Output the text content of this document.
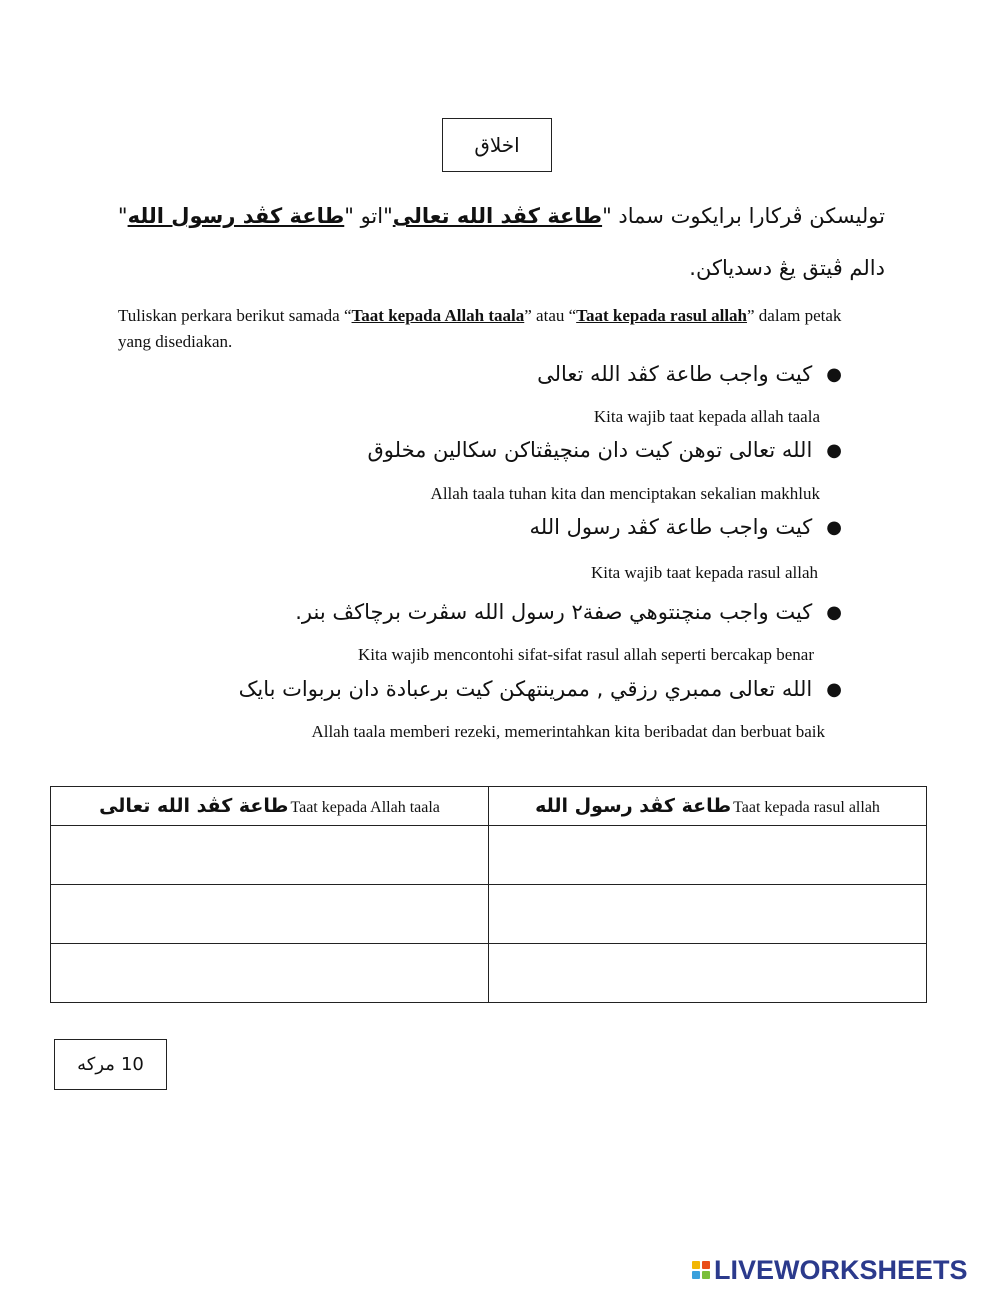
اخلاق
توليسکن ڤرکارا برايکوت سماد "طاعة کڤد الله تعالى"اتو "طاعة کڤد رسول الله" دالم ڤيتق يڠ دسدياکن.
Tuliskan perkara berikut samada “Taat kepada Allah taala” atau “Taat kepada rasul allah” dalam petak yang disediakan.
●
کيت واجب طاعة کڤد الله تعالى
Kita wajib taat kepada allah taala
●
الله تعالى توهن کيت دان منچيڤتاکن سکالين مخلوق
Allah taala tuhan kita dan menciptakan sekalian makhluk
●
کيت واجب طاعة کڤد رسول الله
Kita wajib taat kepada rasul allah
●
کيت واجب منچنتوهي صفة٢ رسول الله سڤرت برچاکڤ بنر.
Kita wajib mencontohi sifat-sifat rasul allah seperti bercakap benar
●
الله تعالى ممبري رزقي , ممرينتهکن کيت برعبادة دان بربوات بايک
Allah taala memberi rezeki, memerintahkan kita beribadat dan berbuat baik
طاعة کڤد الله تعالى Taat kepada Allah taala	طاعة کڤد رسول الله Taat kepada rasul allah

10
مرکه
LIVEWORKSHEETS
